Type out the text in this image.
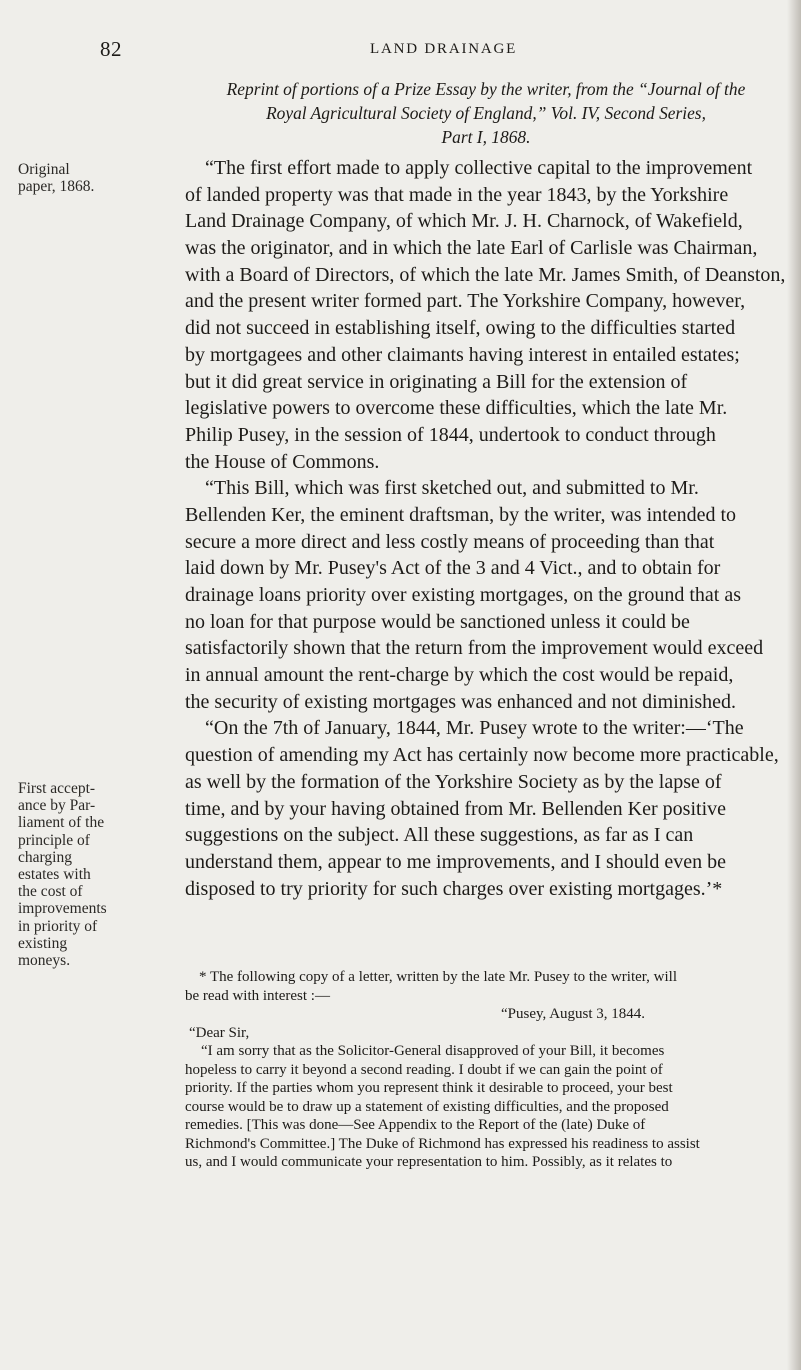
82	LAND DRAINAGE
Reprint of portions of a Prize Essay by the writer, from the “Journal of the
Royal Agricultural Society of England,” Vol. IV, Second Series,
Part I, 1868.
Original
paper, 1868.
First accept-
ance by Par-
liament of the
principle of
charging
estates with
the cost of
improvements
in priority of
existing
moneys.
“The first effort made to apply collective capital to the improvement
of landed property was that made in the year 1843, by the Yorkshire
Land Drainage Company, of which Mr. J. H. Charnock, of Wakefield,
was the originator, and in which the late Earl of Carlisle was Chairman,
with a Board of Directors, of which the late Mr. James Smith, of Deanston,
and the present writer formed part. The Yorkshire Company, however,
did not succeed in establishing itself, owing to the difficulties started
by mortgagees and other claimants having interest in entailed estates;
but it did great service in originating a Bill for the extension of
legislative powers to overcome these difficulties, which the late Mr.
Philip Pusey, in the session of 1844, undertook to conduct through
the House of Commons.
“This Bill, which was first sketched out, and submitted to Mr.
Bellenden Ker, the eminent draftsman, by the writer, was intended to
secure a more direct and less costly means of proceeding than that
laid down by Mr. Pusey's Act of the 3 and 4 Vict., and to obtain for
drainage loans priority over existing mortgages, on the ground that as
no loan for that purpose would be sanctioned unless it could be
satisfactorily shown that the return from the improvement would exceed
in annual amount the rent-charge by which the cost would be repaid,
the security of existing mortgages was enhanced and not diminished.
“On the 7th of January, 1844, Mr. Pusey wrote to the writer:—‘The
question of amending my Act has certainly now become more practicable,
as well by the formation of the Yorkshire Society as by the lapse of
time, and by your having obtained from Mr. Bellenden Ker positive
suggestions on the subject. All these suggestions, as far as I can
understand them, appear to me improvements, and I should even be
disposed to try priority for such charges over existing mortgages.’*
* The following copy of a letter, written by the late Mr. Pusey to the writer, will
be read with interest :—
“Pusey, August 3, 1844.
“Dear Sir,
“I am sorry that as the Solicitor-General disapproved of your Bill, it becomes
hopeless to carry it beyond a second reading. I doubt if we can gain the point of
priority. If the parties whom you represent think it desirable to proceed, your best
course would be to draw up a statement of existing difficulties, and the proposed
remedies. [This was done—See Appendix to the Report of the (late) Duke of
Richmond's Committee.] The Duke of Richmond has expressed his readiness to assist
us, and I would communicate your representation to him. Possibly, as it relates to
